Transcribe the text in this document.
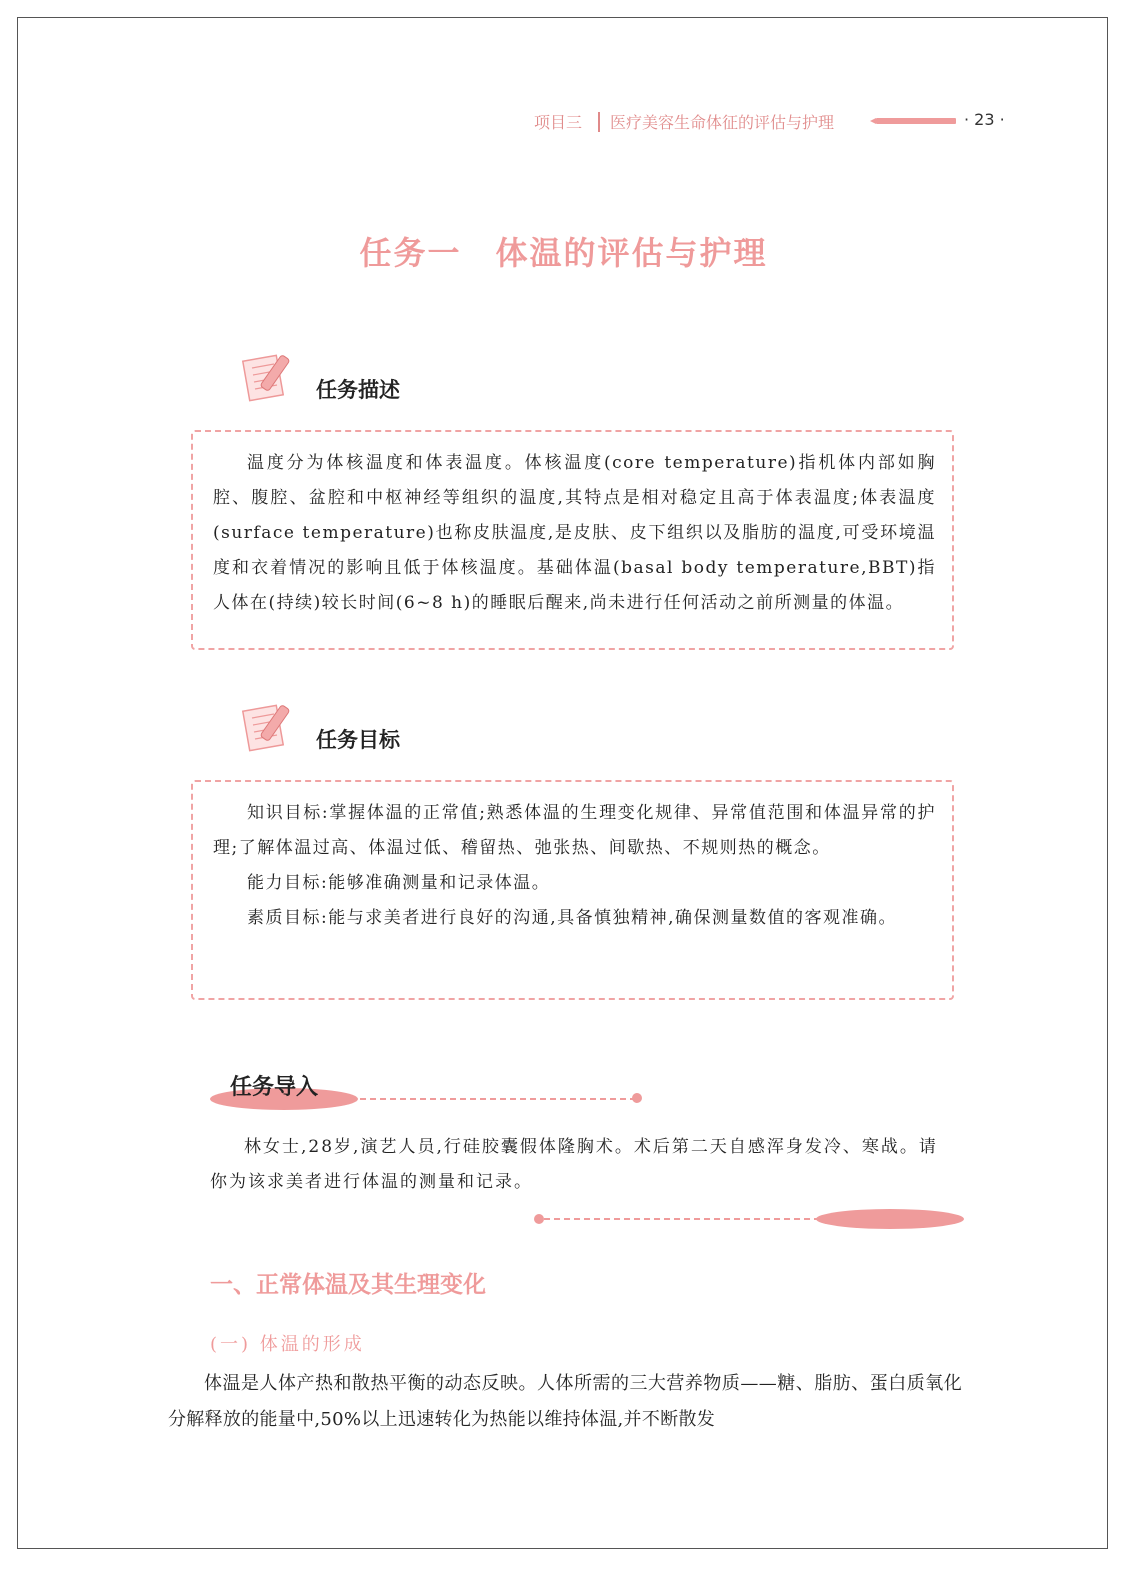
项目三 医疗美容生命体征的评估与护理	· 23 ·
任务一　体温的评估与护理
任务描述

温度分为体核温度和体表温度。体核温度(core temperature)指机体内部如胸腔、腹腔、盆腔和中枢神经等组织的温度,其特点是相对稳定且高于体表温度;体表温度(surface temperature)也称皮肤温度,是皮肤、皮下组织以及脂肪的温度,可受环境温度和衣着情况的影响且低于体核温度。基础体温(basal body temperature,BBT)指人体在(持续)较长时间(6~8 h)的睡眠后醒来,尚未进行任何活动之前所测量的体温。

任务目标

知识目标:掌握体温的正常值;熟悉体温的生理变化规律、异常值范围和体温异常的护理;了解体温过高、体温过低、稽留热、弛张热、间歇热、不规则热的概念。

能力目标:能够准确测量和记录体温。

素质目标:能与求美者进行良好的沟通,具备慎独精神,确保测量数值的客观准确。

任务导入

林女士,28岁,演艺人员,行硅胶囊假体隆胸术。术后第二天自感浑身发冷、寒战。请你为该求美者进行体温的测量和记录。

一、正常体温及其生理变化
(一) 体温的形成

体温是人体产热和散热平衡的动态反映。人体所需的三大营养物质——糖、脂肪、蛋白质氧化分解释放的能量中,50%以上迅速转化为热能以维持体温,并不断散发
